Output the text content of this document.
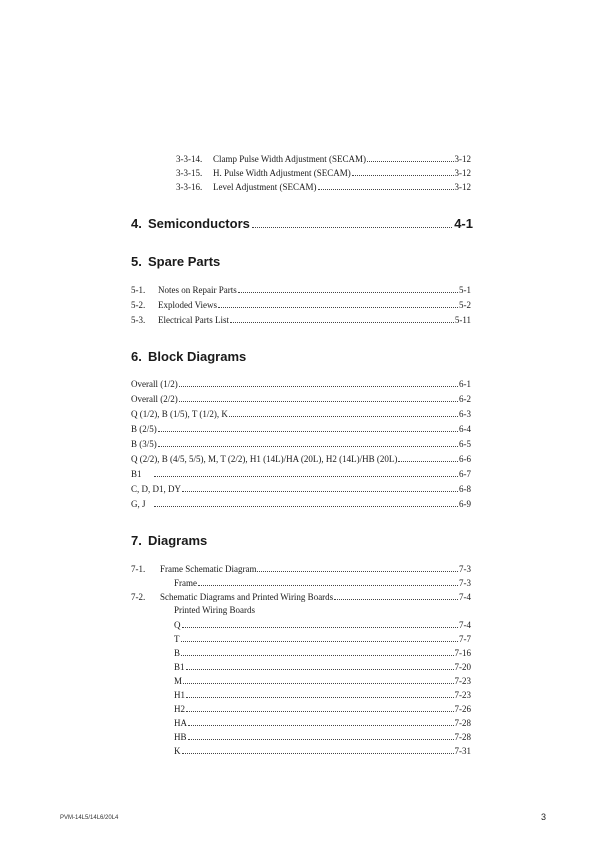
3-3-14.	Clamp Pulse Width Adjustment (SECAM)	3-12
3-3-15.	H. Pulse Width Adjustment (SECAM)	3-12
3-3-16.	Level Adjustment (SECAM)	3-12
4. Semiconductors	4-1
5. Spare Parts
5-1.	Notes on Repair Parts	5-1
5-2.	Exploded Views	5-2
5-3.	Electrical Parts List	5-11
6. Block Diagrams
Overall (1/2)	6-1
Overall (2/2)	6-2
Q (1/2), B (1/5), T (1/2), K	6-3
B (2/5)	6-4
B (3/5)	6-5
Q (2/2), B (4/5, 5/5), M, T (2/2), H1 (14L)/HA (20L), H2 (14L)/HB (20L)	6-6
B1	6-7
C, D, D1, DY	6-8
G, J	6-9
7. Diagrams
7-1.	Frame Schematic Diagram	7-3
Frame	7-3
7-2.	Schematic Diagrams and Printed Wiring Boards	7-4
Printed Wiring Boards
Q	7-4
T	7-7
B	7-16
B1	7-20
M	7-23
H1	7-23
H2	7-26
HA	7-28
HB	7-28
K	7-31
PVM-14L5/14L6/20L4	3
